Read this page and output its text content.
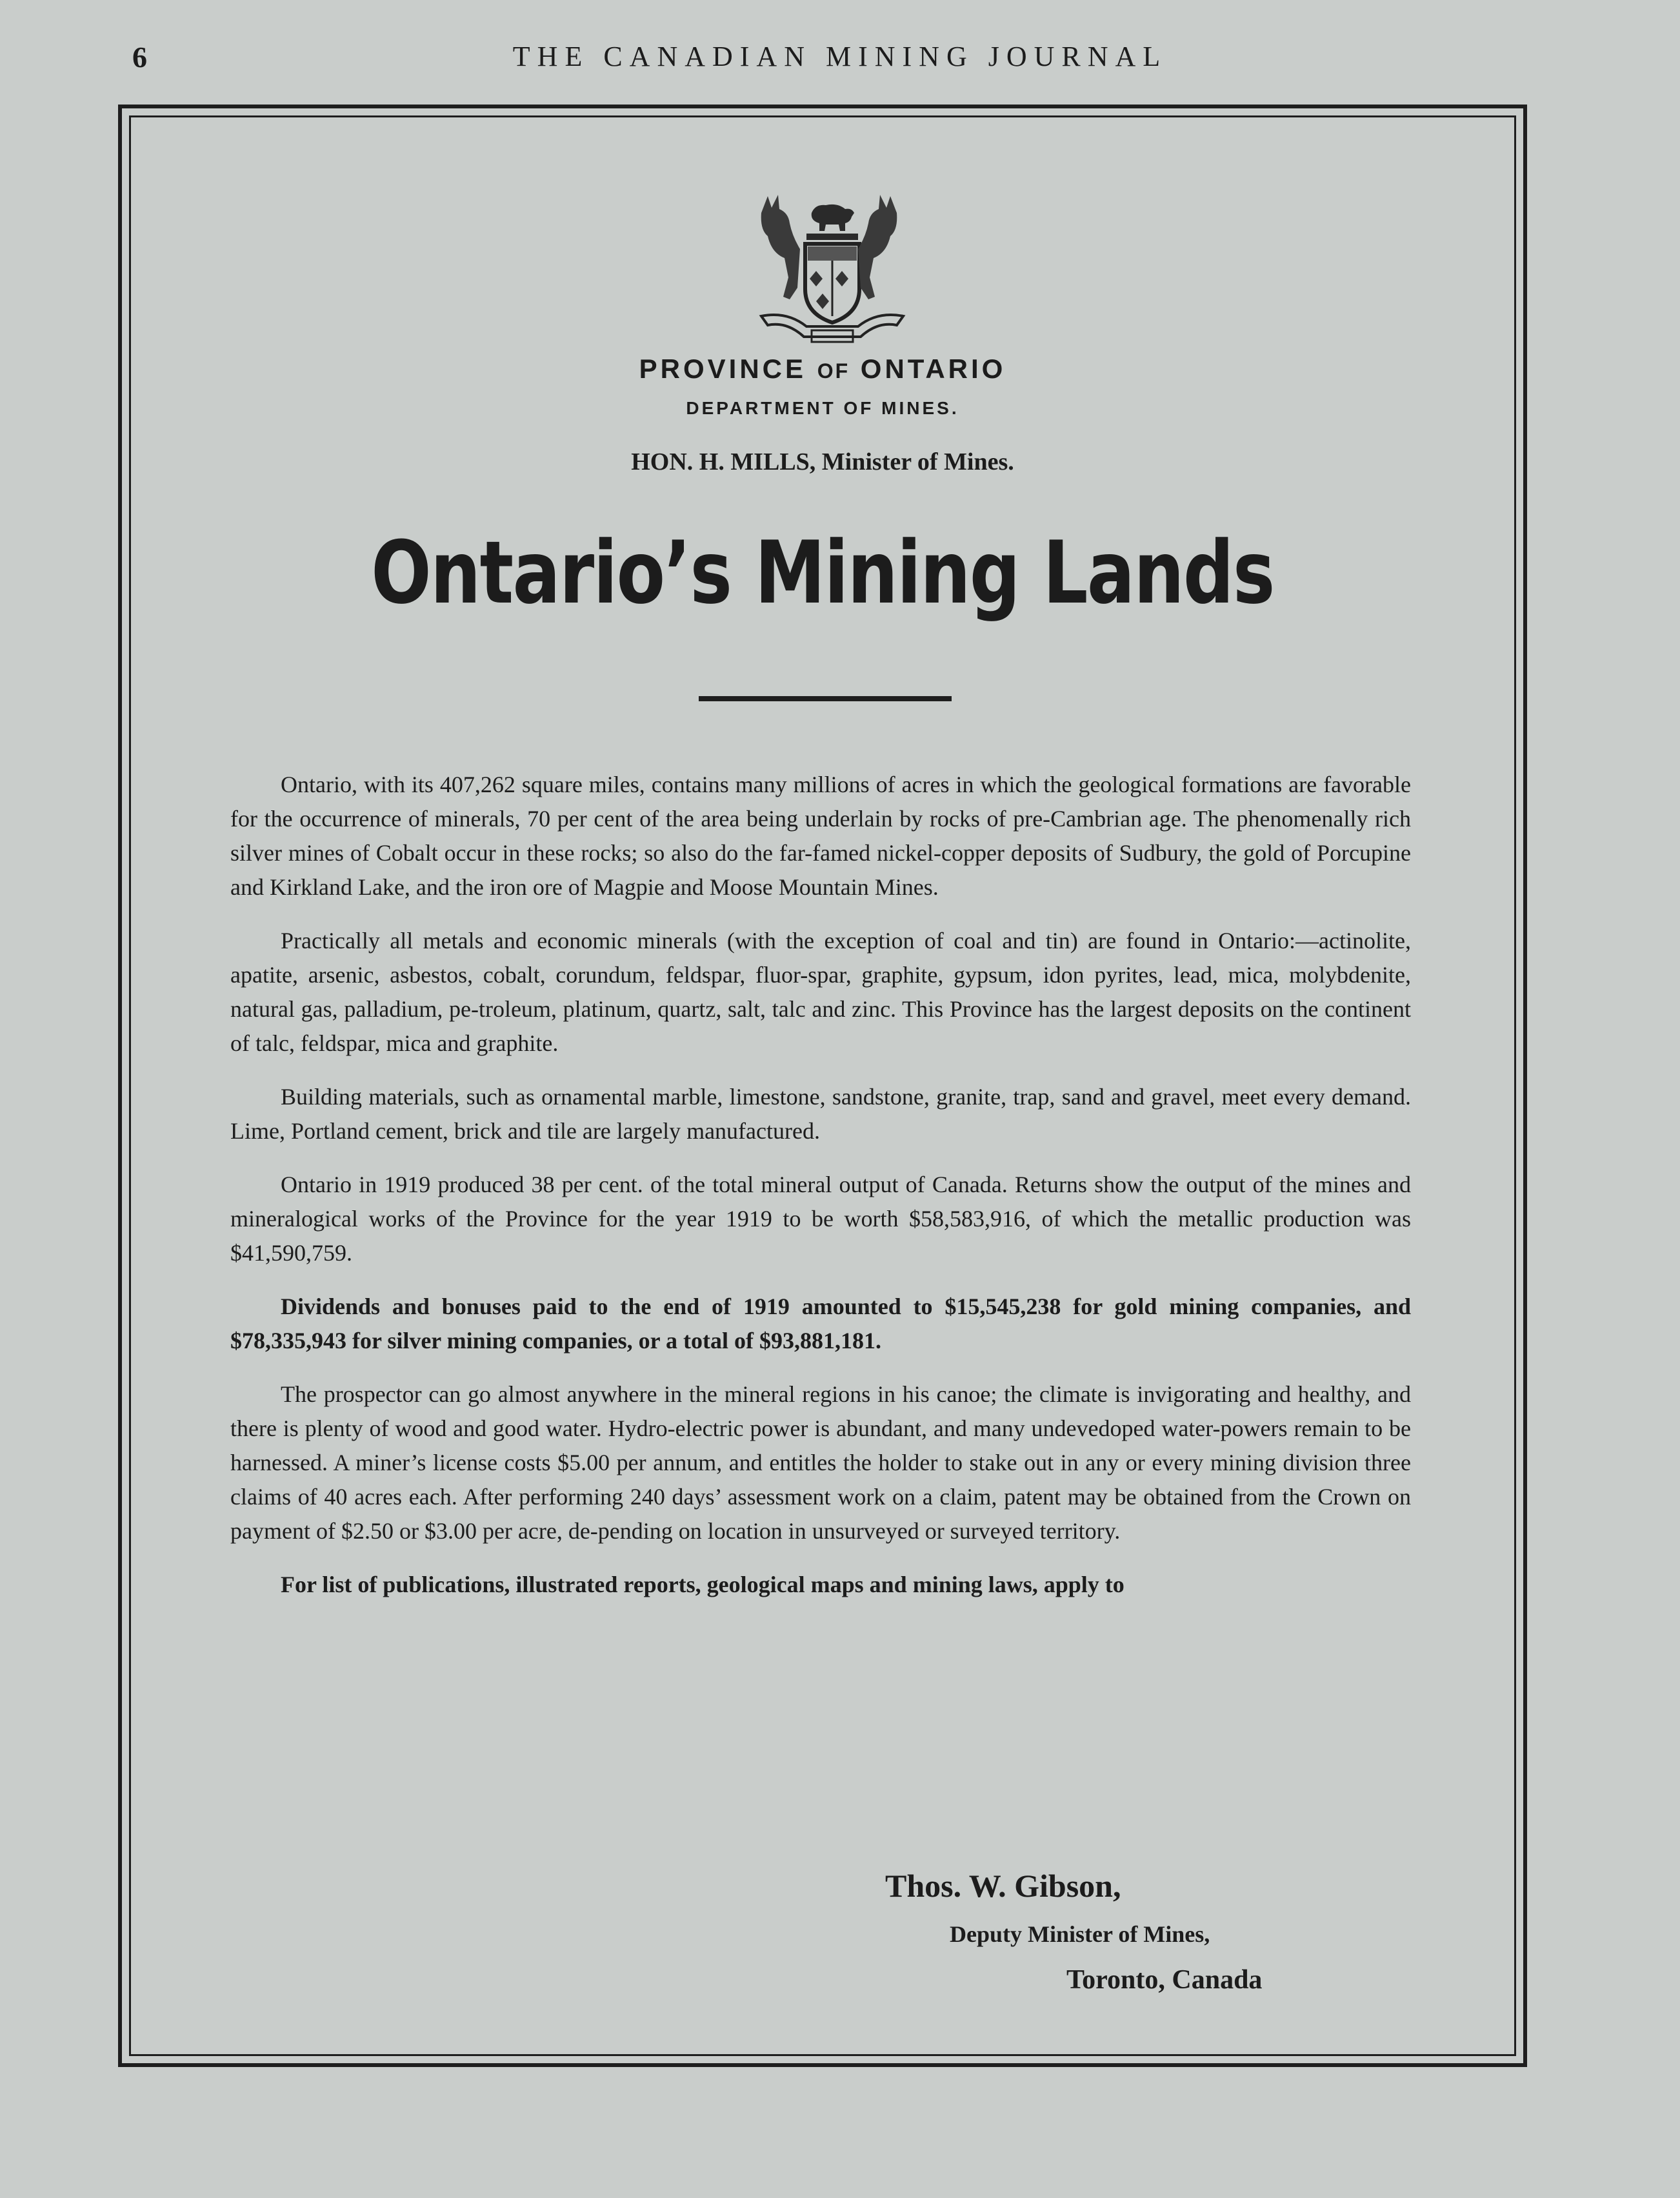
6	THE CANADIAN MINING JOURNAL
PROVINCE OF ONTARIO
DEPARTMENT OF MINES.
HON. H. MILLS, Minister of Mines.
Ontario’s Mining Lands

Ontario, with its 407,262 square miles, contains many millions of acres in which the geological formations are favorable for the occurrence of minerals, 70 per cent of the area being underlain by rocks of pre-Cambrian age. The phenomenally rich silver mines of Cobalt occur in these rocks; so also do the far-famed nickel-copper deposits of Sudbury, the gold of Porcupine and Kirkland Lake, and the iron ore of Magpie and Moose Mountain Mines.

Practically all metals and economic minerals (with the exception of coal and tin) are found in Ontario:—actinolite, apatite, arsenic, asbestos, cobalt, corundum, feldspar, fluor-spar, graphite, gypsum, idon pyrites, lead, mica, molybdenite, natural gas, palladium, pe-troleum, platinum, quartz, salt, talc and zinc. This Province has the largest deposits on the continent of talc, feldspar, mica and graphite.

Building materials, such as ornamental marble, limestone, sandstone, granite, trap, sand and gravel, meet every demand. Lime, Portland cement, brick and tile are largely manufactured.

Ontario in 1919 produced 38 per cent. of the total mineral output of Canada. Returns show the output of the mines and mineralogical works of the Province for the year 1919 to be worth $58,583,916, of which the metallic production was $41,590,759.

Dividends and bonuses paid to the end of 1919 amounted to $15,545,238 for gold mining companies, and $78,335,943 for silver mining companies, or a total of $93,881,181.

The prospector can go almost anywhere in the mineral regions in his canoe; the climate is invigorating and healthy, and there is plenty of wood and good water. Hydro-electric power is abundant, and many undevedoped water-powers remain to be harnessed. A miner’s license costs $5.00 per annum, and entitles the holder to stake out in any or every mining division three claims of 40 acres each. After performing 240 days’ assessment work on a claim, patent may be obtained from the Crown on payment of $2.50 or $3.00 per acre, de-pending on location in unsurveyed or surveyed territory.

For list of publications, illustrated reports, geological maps and mining laws, apply to

Thos. W. Gibson,
Deputy Minister of Mines,
Toronto, Canada
